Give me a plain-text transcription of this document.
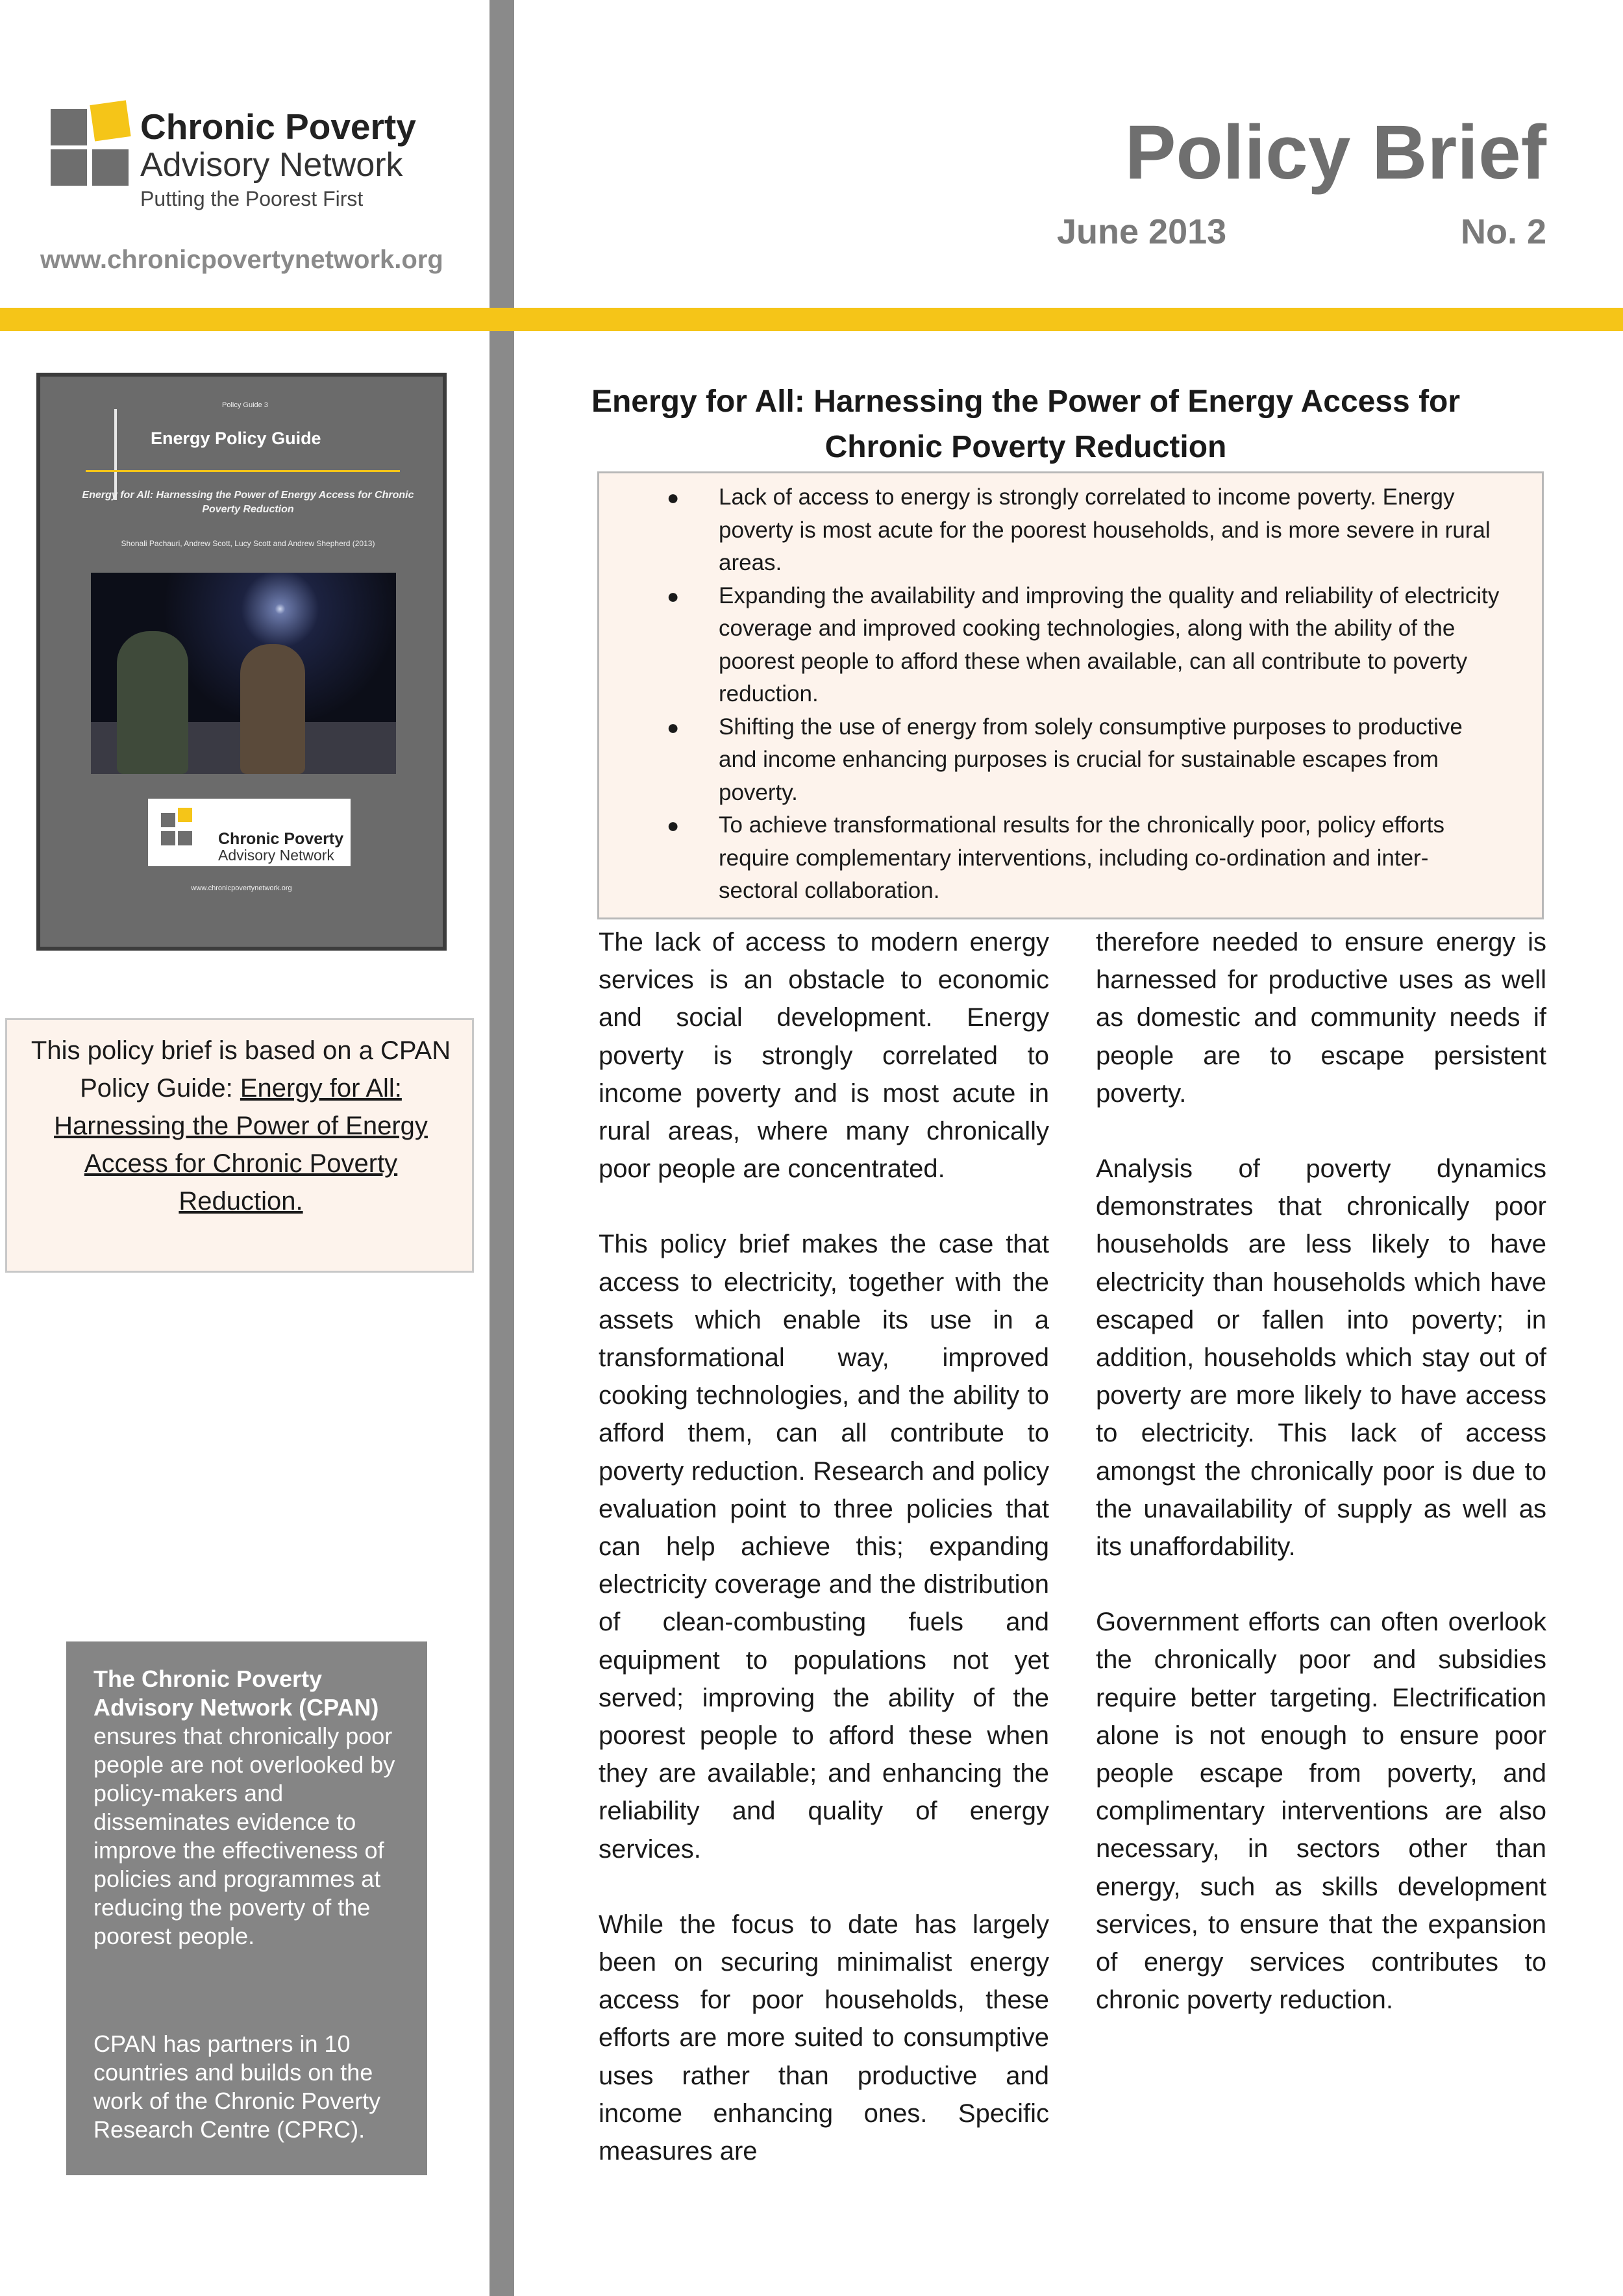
Chronic Poverty
Advisory Network
Putting the Poorest First
www.chronicpovertynetwork.org
Policy Brief
June 2013	No. 2
Policy Guide 3
Energy Policy Guide
Energy for All: Harnessing the Power of Energy Access for Chronic Poverty Reduction
Shonali Pachauri, Andrew Scott, Lucy Scott and Andrew Shepherd (2013)
Chronic Poverty
Advisory Network
www.chronicpovertynetwork.org
This policy brief is based on a CPAN Policy Guide: Energy for All: Harnessing the Power of Energy Access for Chronic Poverty Reduction.
The Chronic Poverty Advisory Network (CPAN) ensures that chronically poor people are not overlooked by policy-makers and disseminates evidence to improve the effectiveness of policies and programmes at reducing the poverty of the poorest people.
CPAN has partners in 10 countries and builds on the work of the Chronic Poverty Research Centre (CPRC).
Energy for All: Harnessing the Power of Energy Access for
Chronic Poverty Reduction
● Lack of access to energy is strongly correlated to income poverty. Energy poverty is most acute for the poorest households, and is more severe in rural areas.
● Expanding the availability and improving the quality and reliability of electricity coverage and improved cooking technologies, along with the ability of the poorest people to afford these when available, can all contribute to poverty reduction.
● Shifting the use of energy from solely consumptive purposes to productive and income enhancing purposes is crucial for sustainable escapes from poverty.
● To achieve transformational results for the chronically poor, policy efforts require complementary interventions, including co-ordination and inter-sectoral collaboration.

The lack of access to modern energy services is an obstacle to economic and social development. Energy poverty is strongly correlated to income poverty and is most acute in rural areas, where many chronically poor people are concentrated.

This policy brief makes the case that access to electricity, together with the assets which enable its use in a transformational way, improved cooking technologies, and the ability to afford them, can all contribute to poverty reduction. Research and policy evaluation point to three policies that can help achieve this; expanding electricity coverage and the distribution of clean-combusting fuels and equipment to populations not yet served; improving the ability of the poorest people to afford these when they are available; and enhancing the reliability and quality of energy services.

While the focus to date has largely been on securing minimalist energy access for poor households, these efforts are more suited to consumptive uses rather than productive and income enhancing ones. Specific measures are

therefore needed to ensure energy is harnessed for productive uses as well as domestic and community needs if people are to escape persistent poverty.

Analysis of poverty dynamics demonstrates that chronically poor households are less likely to have electricity than households which have escaped or fallen into poverty; in addition, households which stay out of poverty are more likely to have access to electricity. This lack of access amongst the chronically poor is due to the unavailability of supply as well as its unaffordability.

Government efforts can often overlook the chronically poor and subsidies require better targeting. Electrification alone is not enough to ensure poor people escape from poverty, and complimentary interventions are also necessary, in sectors other than energy, such as skills development services, to ensure that the expansion of energy services contributes to chronic poverty reduction.
